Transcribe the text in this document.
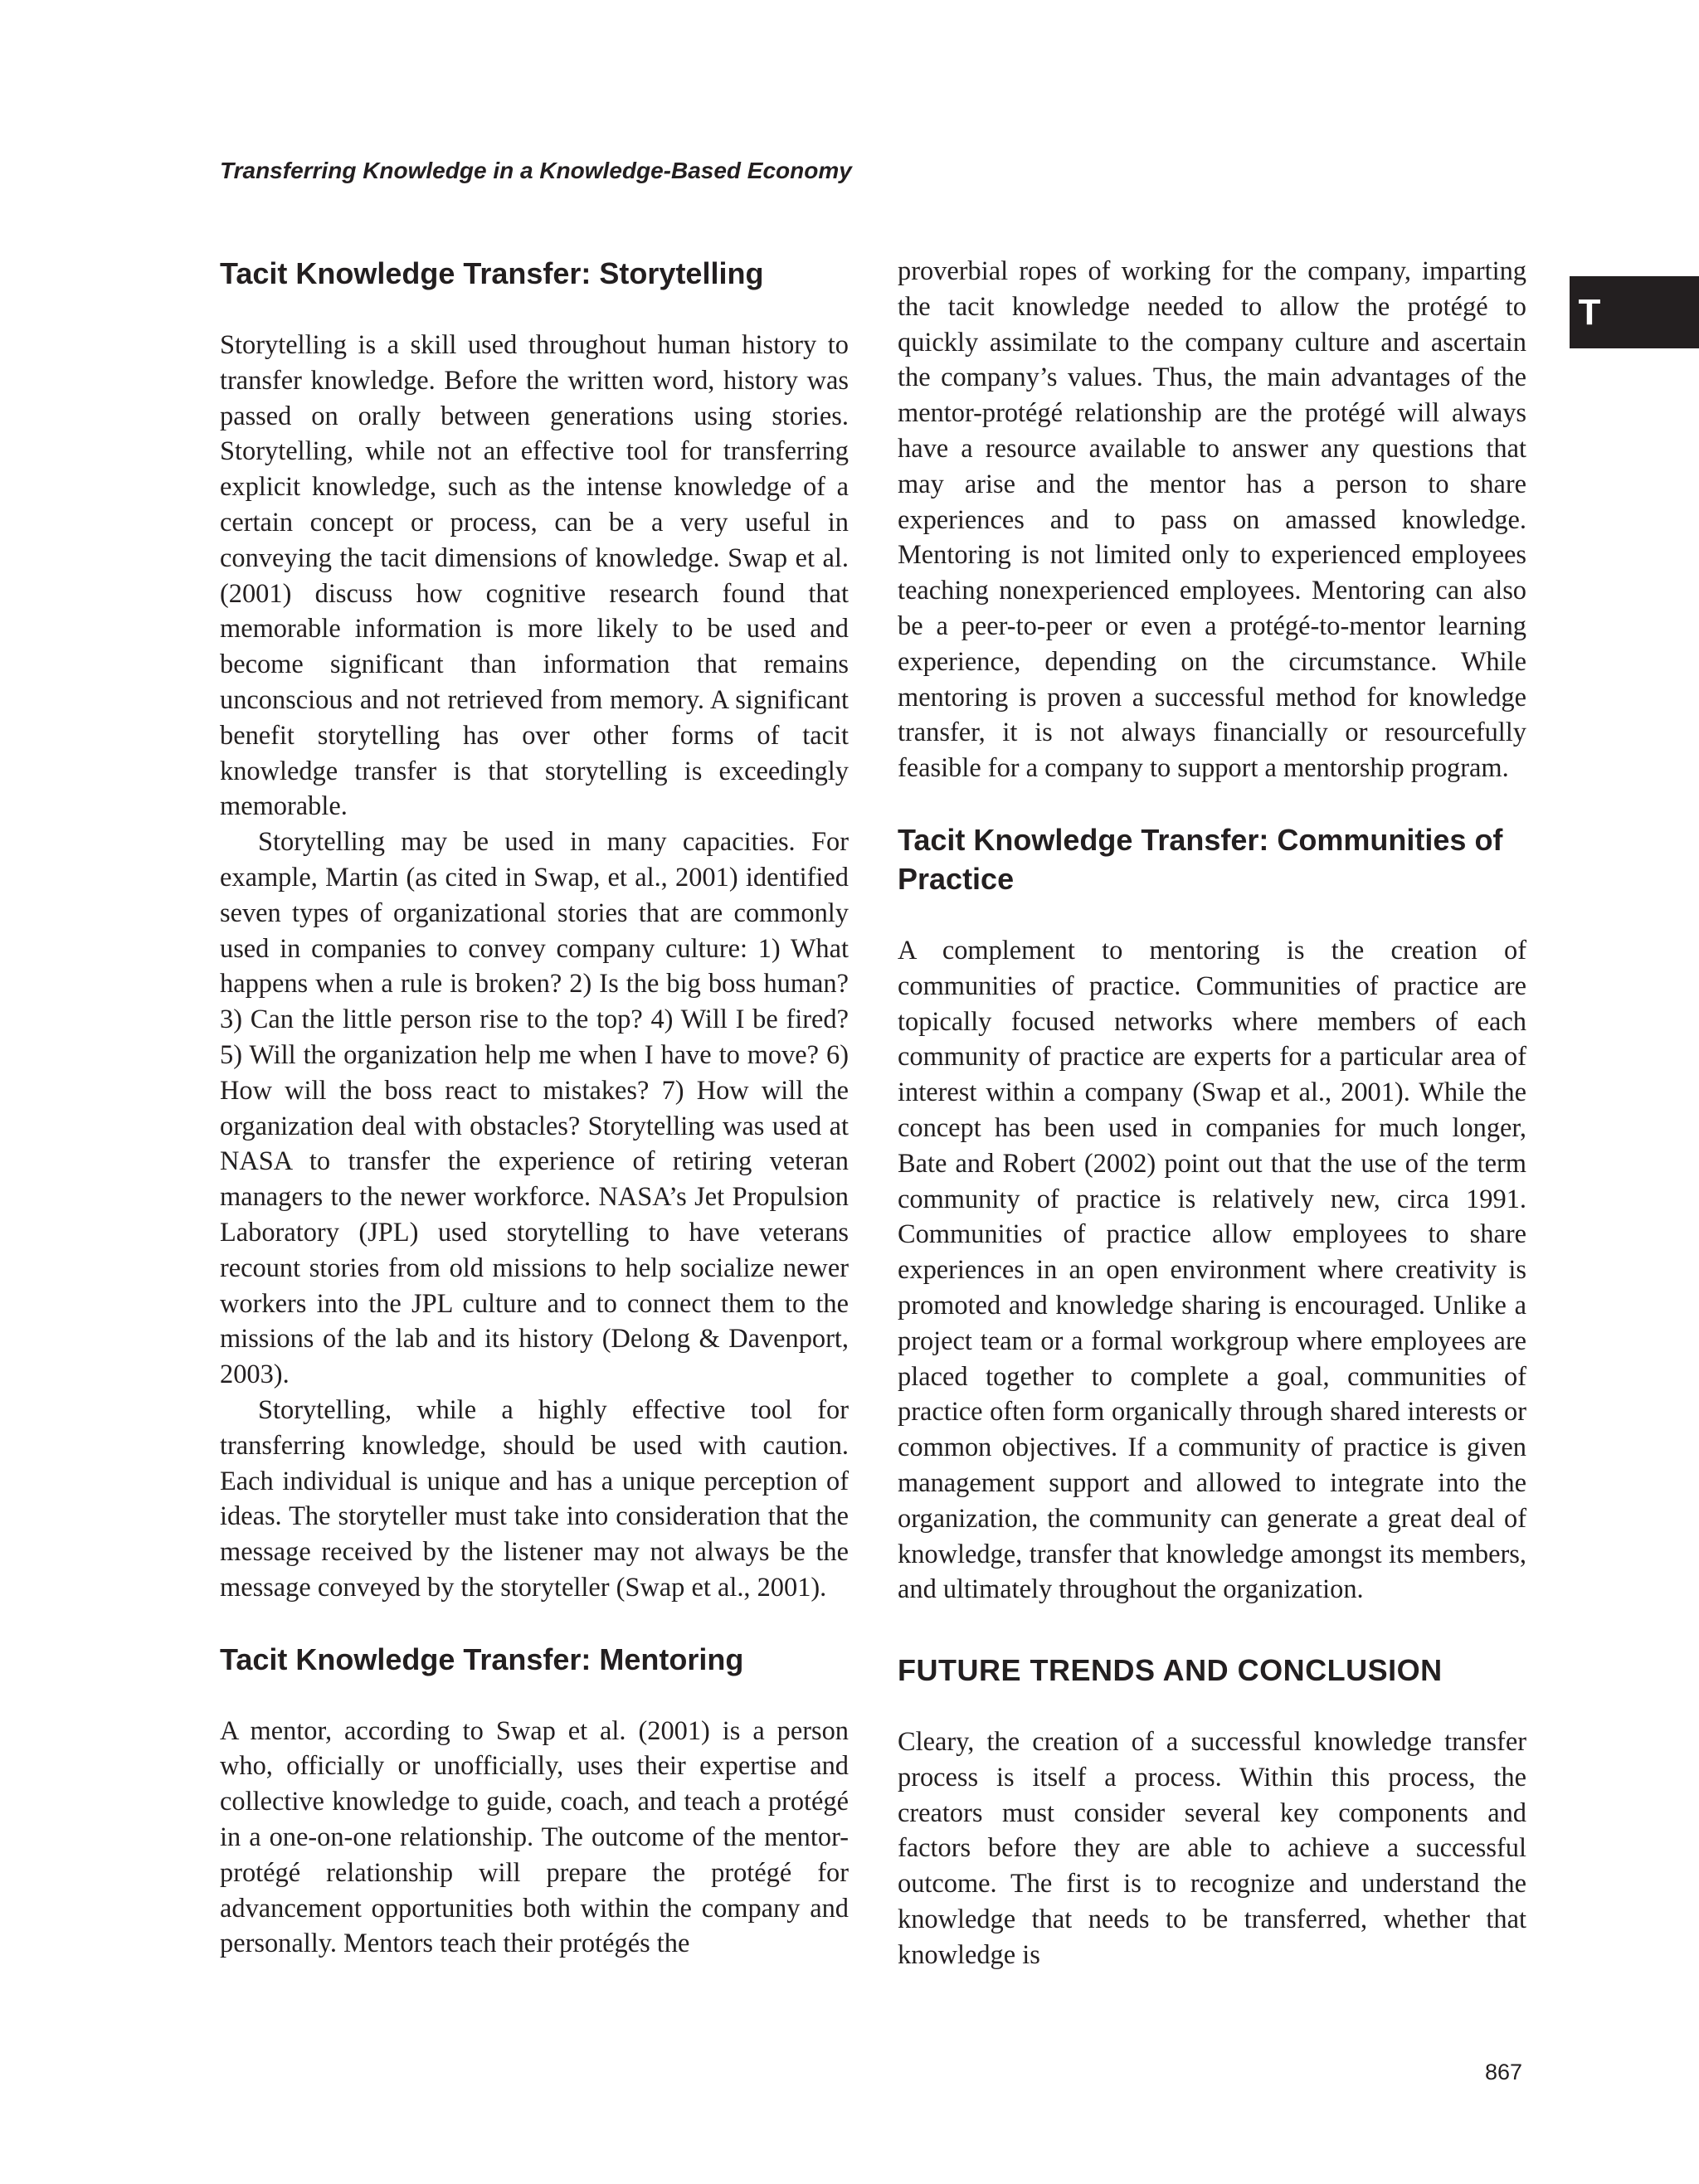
Transferring Knowledge in a Knowledge-Based Economy

T
Tacit Knowledge Transfer: Storytelling

Storytelling is a skill used throughout human history to transfer knowledge. Before the written word, history was passed on orally between generations using stories. Storytelling, while not an effective tool for transferring explicit knowledge, such as the intense knowledge of a certain concept or process, can be a very useful in conveying the tacit dimensions of knowledge. Swap et al. (2001) discuss how cognitive research found that memorable information is more likely to be used and become significant than information that remains unconscious and not retrieved from memory. A significant benefit storytelling has over other forms of tacit knowledge transfer is that storytelling is exceedingly memorable.

Storytelling may be used in many capacities. For example, Martin (as cited in Swap, et al., 2001) identified seven types of organizational stories that are commonly used in companies to convey company culture: 1) What happens when a rule is broken? 2) Is the big boss human? 3) Can the little person rise to the top? 4) Will I be fired? 5) Will the organization help me when I have to move? 6) How will the boss react to mistakes? 7) How will the organization deal with obstacles? Storytelling was used at NASA to transfer the experience of retiring veteran managers to the newer workforce. NASA’s Jet Propulsion Laboratory (JPL) used storytelling to have veterans recount stories from old missions to help socialize newer workers into the JPL culture and to connect them to the missions of the lab and its history (Delong & Davenport, 2003).

Storytelling, while a highly effective tool for transferring knowledge, should be used with caution. Each individual is unique and has a unique perception of ideas. The storyteller must take into consideration that the message received by the listener may not always be the message conveyed by the storyteller (Swap et al., 2001).

Tacit Knowledge Transfer: Mentoring

A mentor, according to Swap et al. (2001) is a person who, officially or unofficially, uses their expertise and collective knowledge to guide, coach, and teach a protégé in a one-on-one relationship. The outcome of the mentor-protégé relationship will prepare the protégé for advancement opportunities both within the company and personally. Mentors teach their protégés the

proverbial ropes of working for the company, imparting the tacit knowledge needed to allow the protégé to quickly assimilate to the company culture and ascertain the company’s values. Thus, the main advantages of the mentor-protégé relationship are the protégé will always have a resource available to answer any questions that may arise and the mentor has a person to share experiences and to pass on amassed knowledge. Mentoring is not limited only to experienced employees teaching nonexperienced employees. Mentoring can also be a peer-to-peer or even a protégé-to-mentor learning experience, depending on the circumstance. While mentoring is proven a successful method for knowledge transfer, it is not always financially or resourcefully feasible for a company to support a mentorship program.

Tacit Knowledge Transfer: Communities of Practice

A complement to mentoring is the creation of communities of practice. Communities of practice are topically focused networks where members of each community of practice are experts for a particular area of interest within a company (Swap et al., 2001). While the concept has been used in companies for much longer, Bate and Robert (2002) point out that the use of the term community of practice is relatively new, circa 1991. Communities of practice allow employees to share experiences in an open environment where creativity is promoted and knowledge sharing is encouraged. Unlike a project team or a formal workgroup where employees are placed together to complete a goal, communities of practice often form organically through shared interests or common objectives. If a community of practice is given management support and allowed to integrate into the organization, the community can generate a great deal of knowledge, transfer that knowledge amongst its members, and ultimately throughout the organization.

FUTURE TRENDS AND CONCLUSION

Cleary, the creation of a successful knowledge transfer process is itself a process. Within this process, the creators must consider several key components and factors before they are able to achieve a successful outcome. The first is to recognize and understand the knowledge that needs to be transferred, whether that knowledge is

867
